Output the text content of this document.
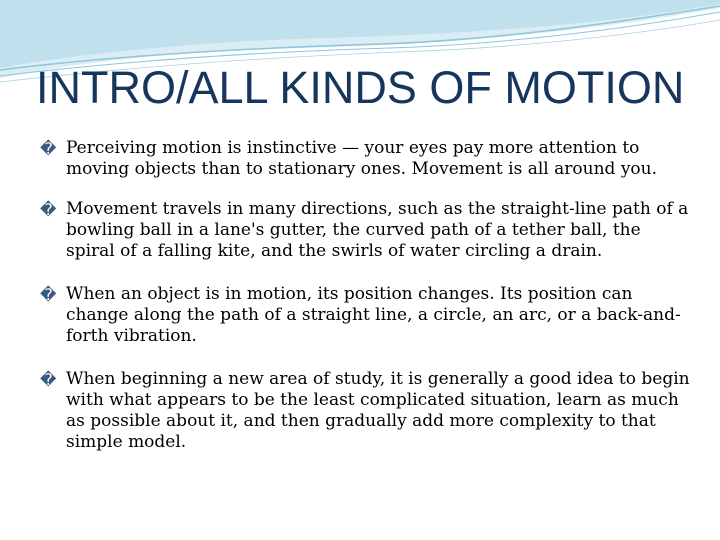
INTRO/ALL KINDS OF MOTION
� Perceiving motion is instinctive — your eyes pay more attention to moving objects than to stationary ones. Movement is all around you.
� Movement travels in many directions, such as the straight-line path of a bowling ball in a lane's gutter, the curved path of a tether ball, the spiral of a falling kite, and the swirls of water circling a drain.
� When an object is in motion, its position changes. Its position can change along the path of a straight line, a circle, an arc, or a back-and-forth vibration.
� When beginning a new area of study, it is generally a good idea to begin with what appears to be the least complicated situation, learn as much as possible about it, and then gradually add more complexity to that simple model.
